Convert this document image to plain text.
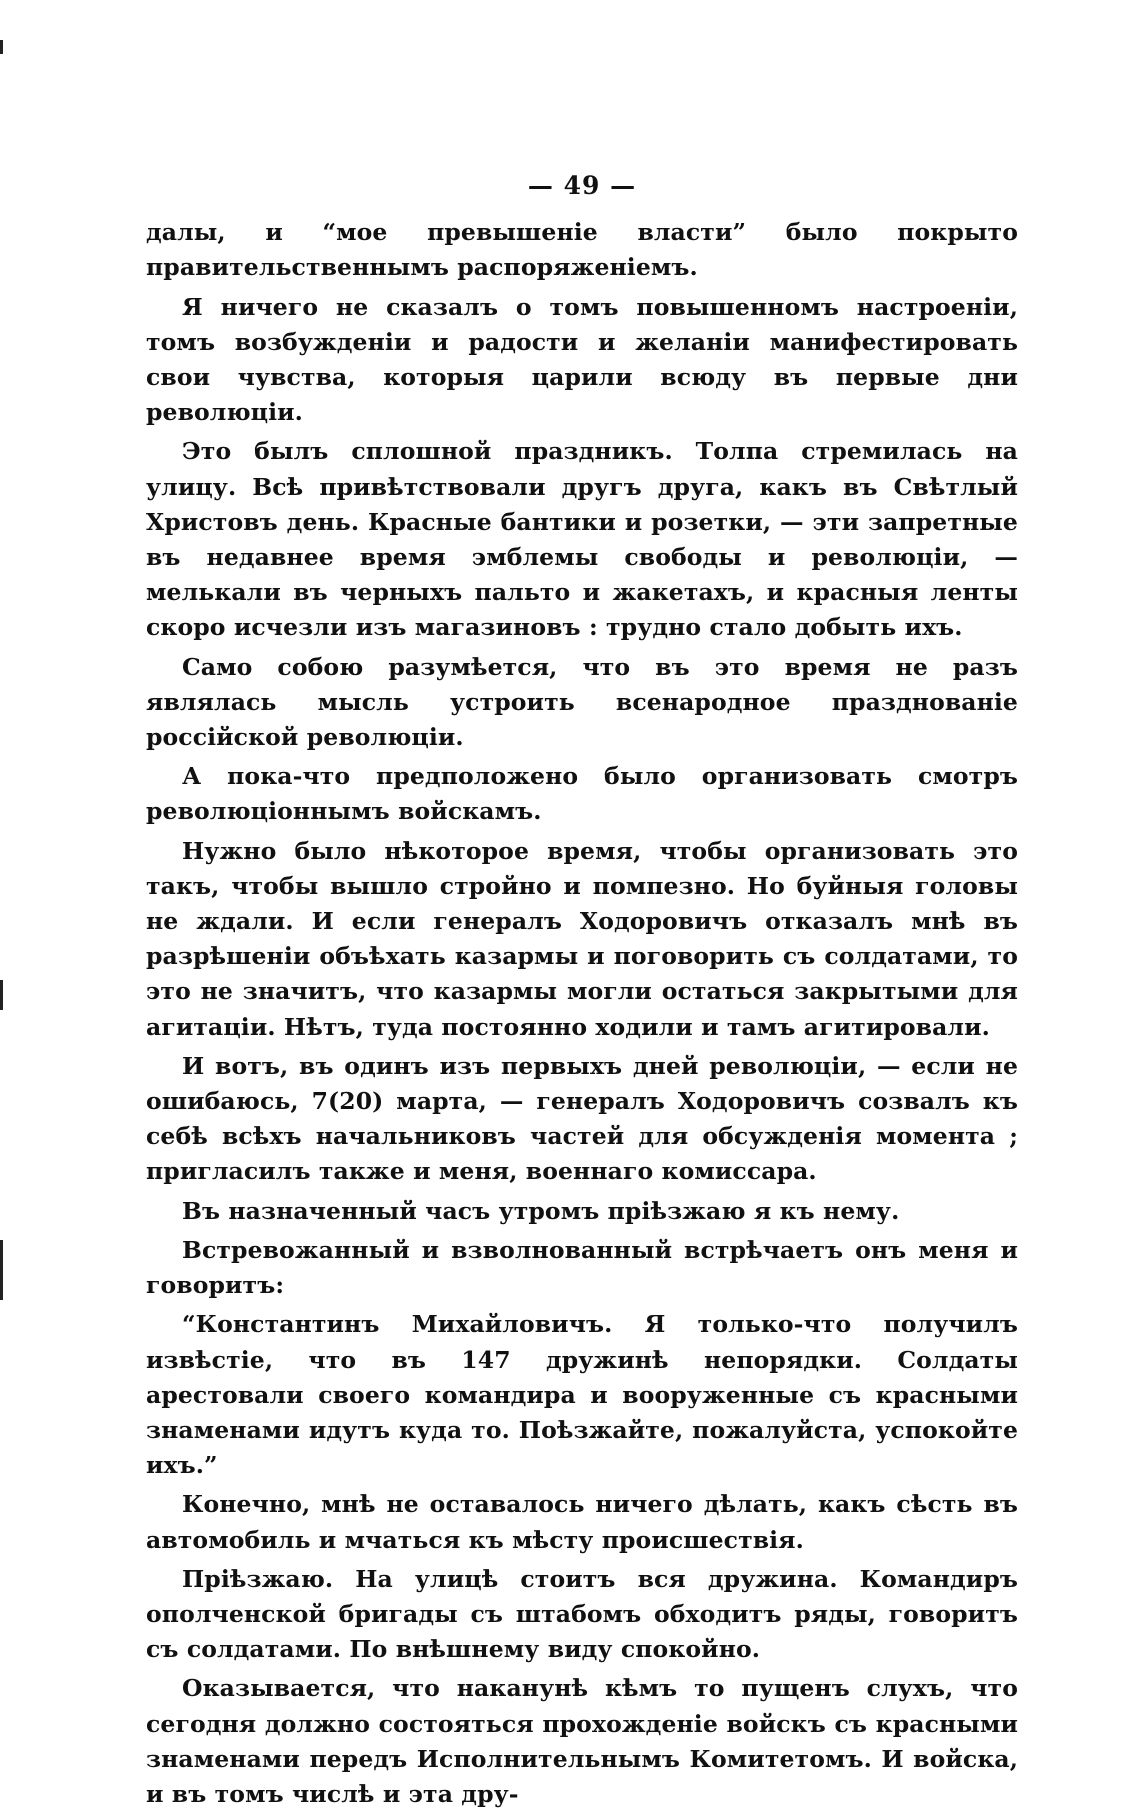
— 49 —

далы, и “мое превышеніе власти” было покрыто правительственнымъ распоряженіемъ.

Я ничего не сказалъ о томъ повышенномъ настроеніи, томъ возбужденіи и радости и желаніи манифестировать свои чувства, которыя царили всюду въ первые дни революціи.

Это былъ сплошной праздникъ. Толпа стремилась на улицу. Всѣ привѣтствовали другъ друга, какъ въ Свѣтлый Христовъ день. Красные бантики и розетки, — эти запретные въ недавнее время эмблемы свободы и революціи, — мелькали въ черныхъ пальто и жакетахъ, и красныя ленты скоро исчезли изъ магазиновъ : трудно стало добыть ихъ.

Само собою разумѣется, что въ это время не разъ являлась мысль устроить всенародное празднованіе россійской революціи.

А пока-что предположено было организовать смотръ революціоннымъ войскамъ.

Нужно было нѣкоторое время, чтобы организовать это такъ, чтобы вышло стройно и помпезно. Но буйныя головы не ждали. И если генералъ Ходоровичъ отказалъ мнѣ въ разрѣшеніи объѣхать казармы и поговорить съ солдатами, то это не значитъ, что казармы могли остаться закрытыми для агитаціи. Нѣтъ, туда постоянно ходили и тамъ агитировали.

И вотъ, въ одинъ изъ первыхъ дней революціи, — если не ошибаюсь, 7(20) марта, — генералъ Ходоровичъ созвалъ къ себѣ всѣхъ начальниковъ частей для обсужденія момента ; пригласилъ также и меня, военнаго комиссара.

Въ назначенный часъ утромъ пріѣзжаю я къ нему.

Встревожанный и взволнованный встрѣчаетъ онъ меня и говоритъ:

“Константинъ Михайловичъ. Я только-что получилъ извѣстіе, что въ 147 дружинѣ непорядки. Солдаты арестовали своего командира и вооруженные съ красными знаменами идутъ куда то. Поѣзжайте, пожалуйста, успокойте ихъ.”

Конечно, мнѣ не оставалось ничего дѣлать, какъ сѣсть въ автомобиль и мчаться къ мѣсту происшествія.

Пріѣзжаю. На улицѣ стоитъ вся дружина. Командиръ ополченской бригады съ штабомъ обходитъ ряды, говоритъ съ солдатами. По внѣшнему виду спокойно.

Оказывается, что наканунѣ кѣмъ то пущенъ слухъ, что сегодня должно состояться прохожденіе войскъ съ красными знаменами передъ Исполнительнымъ Комитетомъ. И войска, и въ томъ числѣ и эта дру-
